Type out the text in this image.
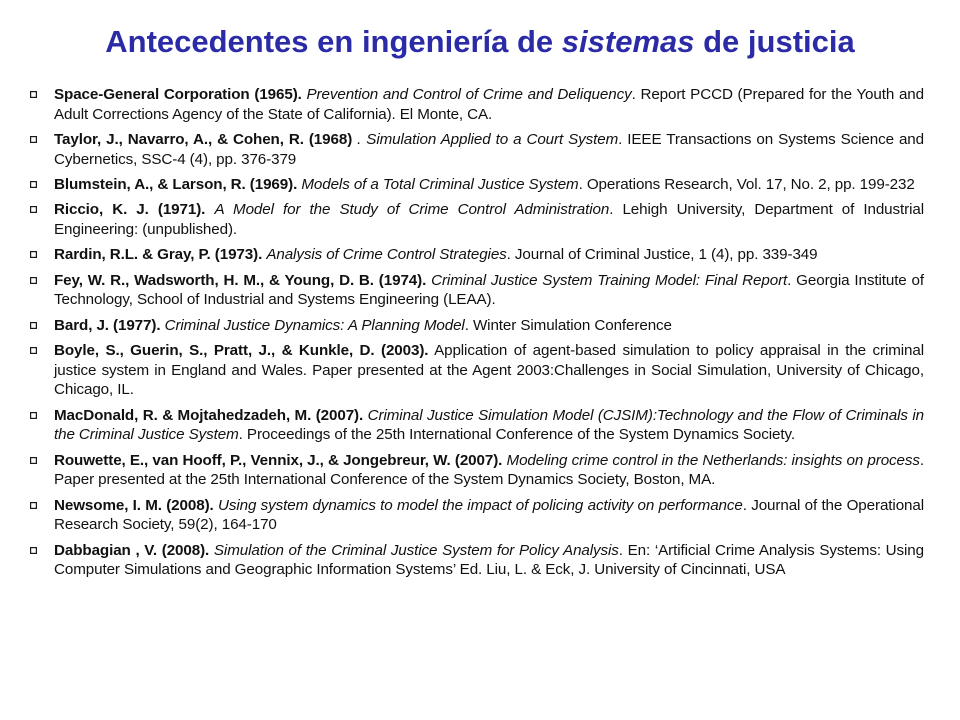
Antecedentes en ingeniería de sistemas de justicia
Space-General Corporation (1965). Prevention and Control of Crime and Deliquency. Report PCCD (Prepared for the Youth and Adult Corrections Agency of the State of California). El Monte, CA.
Taylor, J., Navarro, A., & Cohen, R. (1968) . Simulation Applied to a Court System. IEEE Transactions on Systems Science and Cybernetics, SSC-4 (4), pp. 376-379
Blumstein, A., & Larson, R. (1969). Models of a Total Criminal Justice System. Operations Research, Vol. 17, No. 2, pp. 199-232
Riccio, K. J. (1971). A Model for the Study of Crime Control Administration. Lehigh University, Department of Industrial Engineering: (unpublished).
Rardin, R.L. & Gray, P. (1973). Analysis of Crime Control Strategies. Journal of Criminal Justice, 1 (4), pp. 339-349
Fey, W. R., Wadsworth, H. M., & Young, D. B. (1974). Criminal Justice System Training Model: Final Report. Georgia Institute of Technology, School of Industrial and Systems Engineering (LEAA).
Bard, J. (1977). Criminal Justice Dynamics: A Planning Model. Winter Simulation Conference
Boyle, S., Guerin, S., Pratt, J., & Kunkle, D. (2003). Application of agent-based simulation to policy appraisal in the criminal justice system in England and Wales. Paper presented at the Agent 2003:Challenges in Social Simulation, University of Chicago, Chicago, IL.
MacDonald, R. & Mojtahedzadeh, M. (2007). Criminal Justice Simulation Model (CJSIM):Technology and the Flow of Criminals in the Criminal Justice System. Proceedings of the 25th International Conference of the System Dynamics Society.
Rouwette, E., van Hooff, P., Vennix, J., & Jongebreur, W. (2007). Modeling crime control in the Netherlands: insights on process. Paper presented at the 25th International Conference of the System Dynamics Society, Boston, MA.
Newsome, I. M. (2008). Using system dynamics to model the impact of policing activity on performance. Journal of the Operational Research Society, 59(2), 164-170
Dabbagian , V. (2008). Simulation of the Criminal Justice System for Policy Analysis. En: ‘Artificial Crime Analysis Systems: Using Computer Simulations and Geographic Information Systems’ Ed. Liu, L. & Eck, J. University of Cincinnati, USA
